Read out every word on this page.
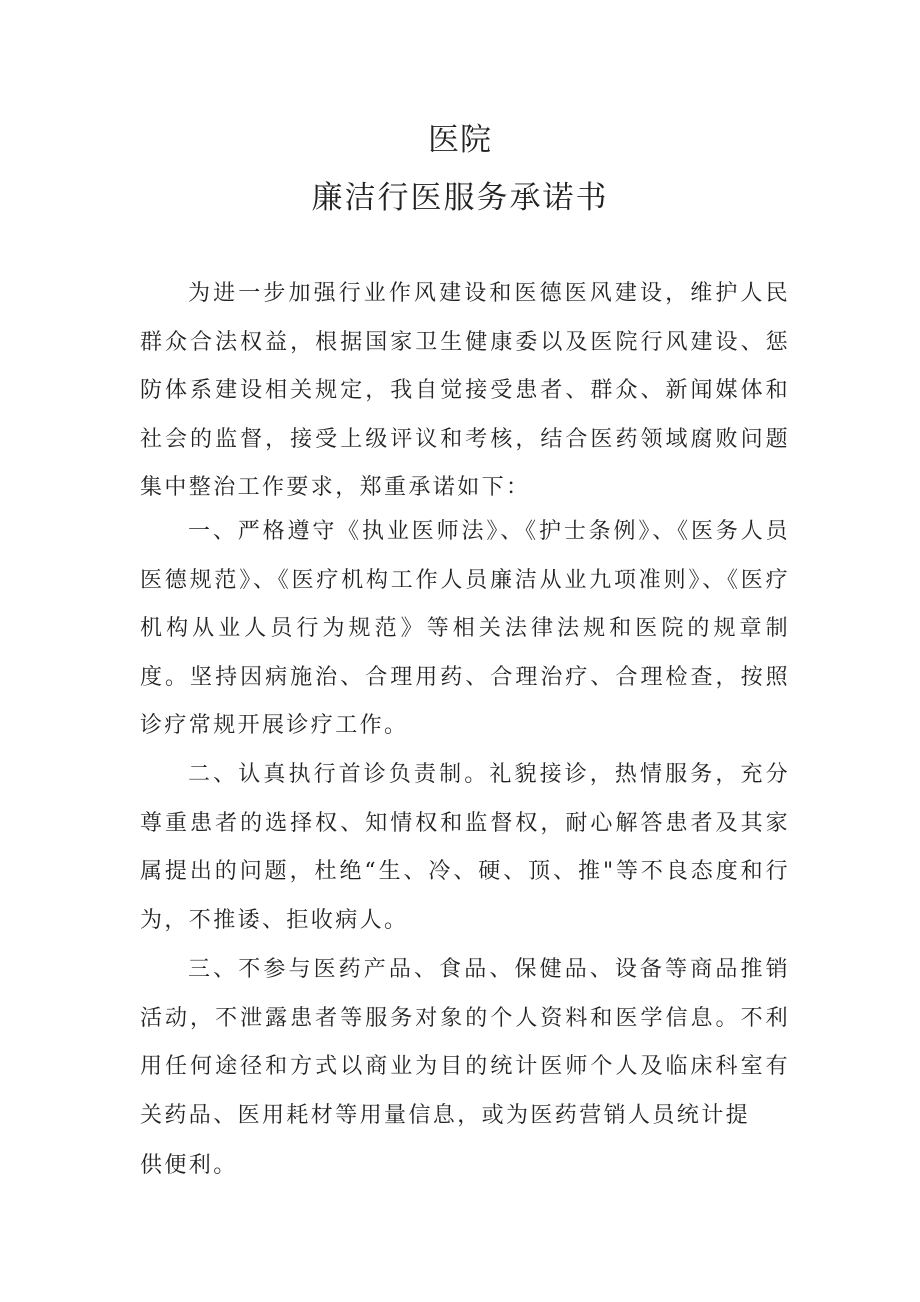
医院
廉洁行医服务承诺书

为进一步加强行业作风建设和医德医风建设，维护人民群众合法权益，根据国家卫生健康委以及医院行风建设、惩防体系建设相关规定，我自觉接受患者、群众、新闻媒体和社会的监督，接受上级评议和考核，结合医药领域腐败问题集中整治工作要求，郑重承诺如下：

一、严格遵守《执业医师法》、《护士条例》、《医务人员医德规范》、《医疗机构工作人员廉洁从业九项准则》、《医疗机构从业人员行为规范》等相关法律法规和医院的规章制度。坚持因病施治、合理用药、合理治疗、合理检查，按照诊疗常规开展诊疗工作。

二、认真执行首诊负责制。礼貌接诊，热情服务，充分尊重患者的选择权、知情权和监督权，耐心解答患者及其家属提出的问题，杜绝“生、冷、硬、顶、推"等不良态度和行为，不推诿、拒收病人。

三、不参与医药产品、食品、保健品、设备等商品推销活动，不泄露患者等服务对象的个人资料和医学信息。不利用任何途径和方式以商业为目的统计医师个人及临床科室有关药品、医用耗材等用量信息，或为医药营销人员统计提

供便利。
